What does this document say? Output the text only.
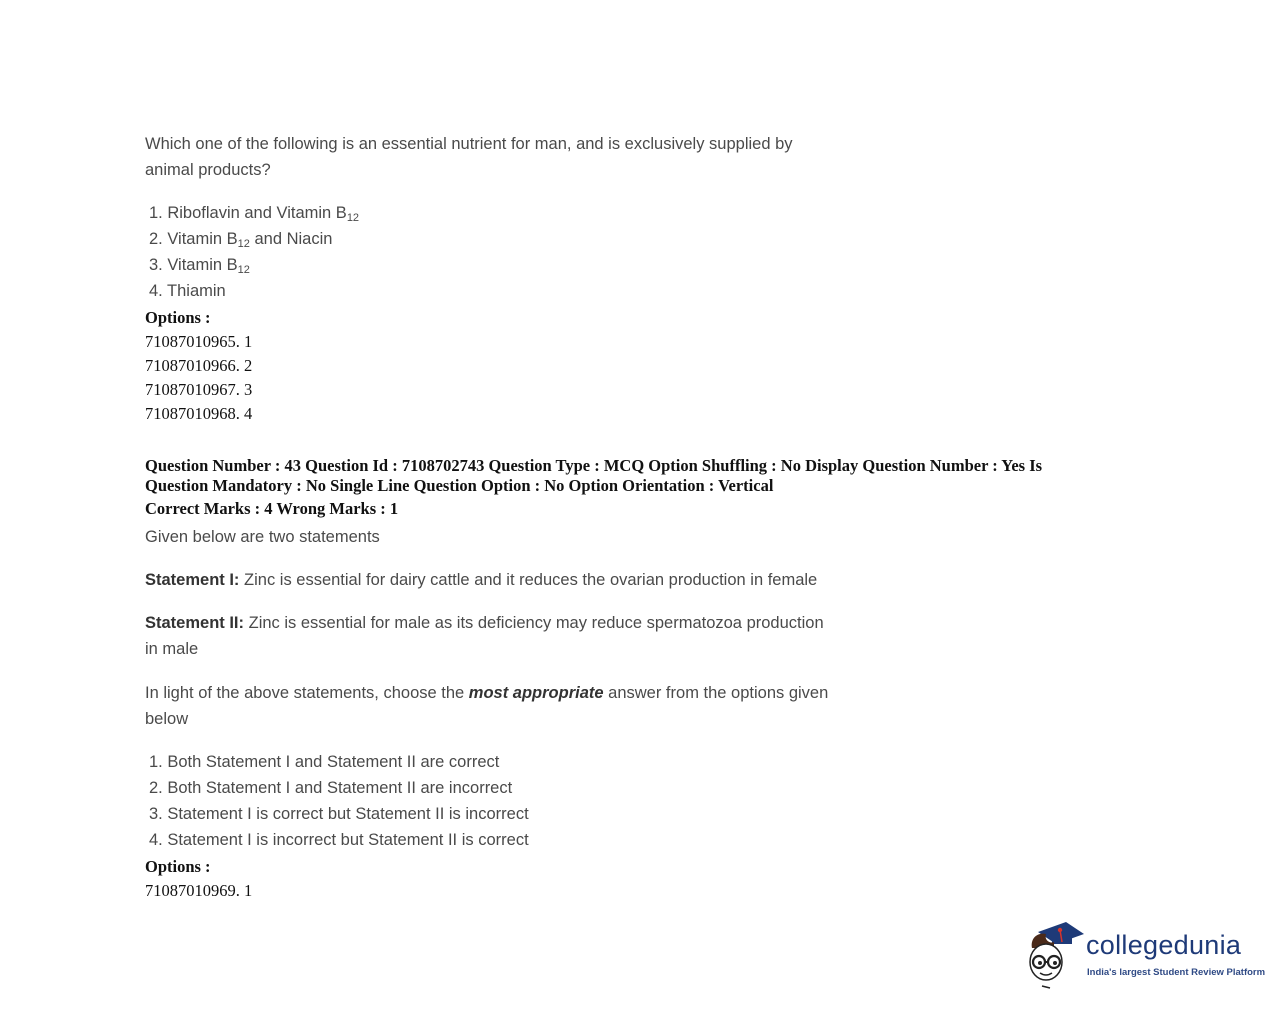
Which one of the following is an essential nutrient for man, and is exclusively supplied by
animal products?
1. Riboflavin and Vitamin $B_{12}$
2. Vitamin $B_{12}$ and Niacin
3. Vitamin $B_{12}$
4. Thiamin
Options :
71087010965. 1
71087010966. 2
71087010967. 3
71087010968. 4

Question Number : 43 Question Id : 7108702743 Question Type : MCQ Option Shuffling : No Display Question Number : Yes Is

Question Mandatory : No Single Line Question Option : No Option Orientation : Vertical

Correct Marks : 4 Wrong Marks : 1
Given below are two statements
Statement I: Zinc is essential for dairy cattle and it reduces the ovarian production in female
Statement II: Zinc is essential for male as its deficiency may reduce spermatozoa production
in male
In light of the above statements, choose the most appropriate answer from the options given
below
1. Both Statement I and Statement II are correct
2. Both Statement I and Statement II are incorrect
3. Statement I is correct but Statement II is incorrect
4. Statement I is incorrect but Statement II is correct
Options :
71087010969. 1
collegedunia
India's largest Student Review Platform
